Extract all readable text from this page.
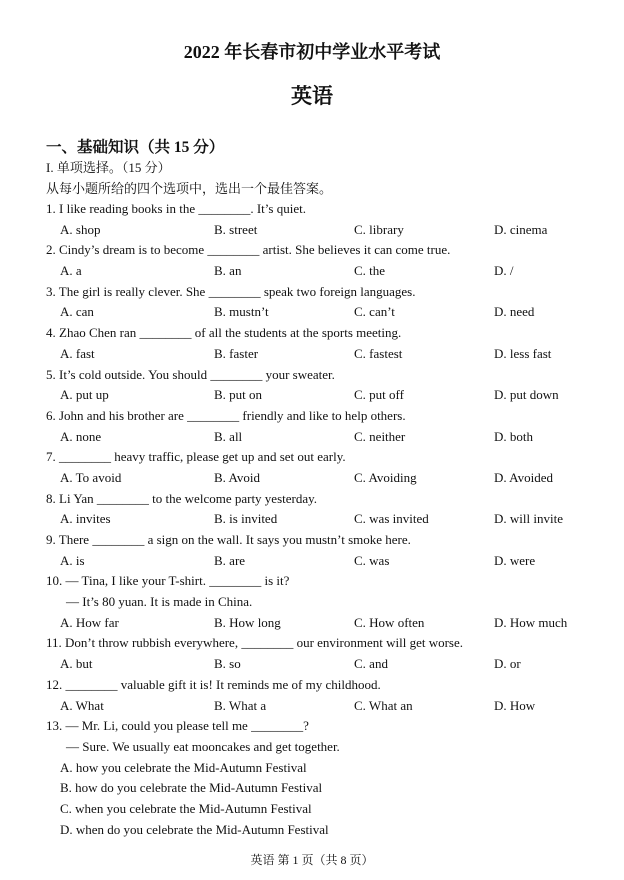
2022 年长春市初中学业水平考试
英语
一、基础知识（共 15 分）
I. 单项选择。（15 分）
从每小题所给的四个选项中，选出一个最佳答案。
1. I like reading books in the ________. It’s quiet.
A. shop	B. street	C. library	D. cinema
2. Cindy’s dream is to become ________ artist. She believes it can come true.
A. a	B. an	C. the	D. /
3. The girl is really clever. She ________ speak two foreign languages.
A. can	B. mustn’t	C. can’t	D. need
4. Zhao Chen ran ________ of all the students at the sports meeting.
A. fast	B. faster	C. fastest	D. less fast
5. It’s cold outside. You should ________ your sweater.
A. put up	B. put on	C. put off	D. put down
6. John and his brother are ________ friendly and like to help others.
A. none	B. all	C. neither	D. both
7. ________ heavy traffic, please get up and set out early.
A. To avoid	B. Avoid	C. Avoiding	D. Avoided
8. Li Yan ________ to the welcome party yesterday.
A. invites	B. is invited	C. was invited	D. will invite
9. There ________ a sign on the wall. It says you mustn’t smoke here.
A. is	B. are	C. was	D. were
10. — Tina, I like your T-shirt. ________ is it?
— It’s 80 yuan. It is made in China.
A. How far	B. How long	C. How often	D. How much
11. Don’t throw rubbish everywhere, ________ our environment will get worse.
A. but	B. so	C. and	D. or
12. ________ valuable gift it is! It reminds me of my childhood.
A. What	B. What a	C. What an	D. How
13. — Mr. Li, could you please tell me ________?
— Sure. We usually eat mooncakes and get together.
A. how you celebrate the Mid-Autumn Festival
B. how do you celebrate the Mid-Autumn Festival
C. when you celebrate the Mid-Autumn Festival
D. when do you celebrate the Mid-Autumn Festival
英语 第 1 页（共 8 页）
